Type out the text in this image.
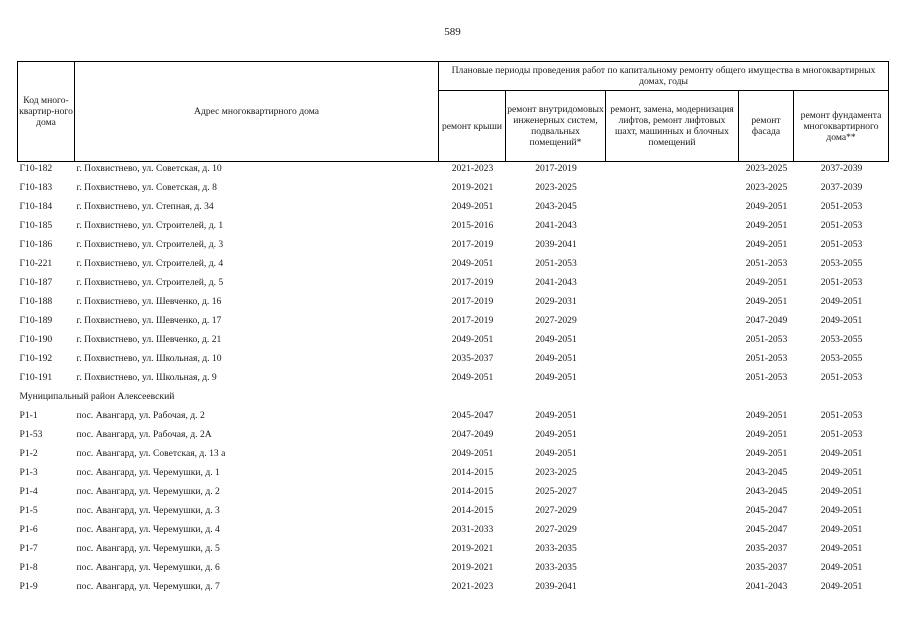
589
Код много-квартир-ного дома	Адрес многоквартирного дома	Плановые периоды проведения работ по капитальному ремонту общего имущества в многоквартирных домах, годы				
		ремонт крыши	ремонт внутридомовых инженерных систем, подвальных помещений*	ремонт, замена, модернизация лифтов, ремонт лифтовых шахт, машинных и блочных помещений	ремонт фасада	ремонт фундамента многоквартирного дома**
Г10-182	г. Похвистнево, ул. Советская, д. 10	2021-2023	2017-2019		2023-2025	2037-2039
Г10-183	г. Похвистнево, ул. Советская, д. 8	2019-2021	2023-2025		2023-2025	2037-2039
Г10-184	г. Похвистнево, ул. Степная, д. 34	2049-2051	2043-2045		2049-2051	2051-2053
Г10-185	г. Похвистнево, ул. Строителей, д. 1	2015-2016	2041-2043		2049-2051	2051-2053
Г10-186	г. Похвистнево, ул. Строителей, д. 3	2017-2019	2039-2041		2049-2051	2051-2053
Г10-221	г. Похвистнево, ул. Строителей, д. 4	2049-2051	2051-2053		2051-2053	2053-2055
Г10-187	г. Похвистнево, ул. Строителей, д. 5	2017-2019	2041-2043		2049-2051	2051-2053
Г10-188	г. Похвистнево, ул. Шевченко, д. 16	2017-2019	2029-2031		2049-2051	2049-2051
Г10-189	г. Похвистнево, ул. Шевченко, д. 17	2017-2019	2027-2029		2047-2049	2049-2051
Г10-190	г. Похвистнево, ул. Шевченко, д. 21	2049-2051	2049-2051		2051-2053	2053-2055
Г10-192	г. Похвистнево, ул. Школьная, д. 10	2035-2037	2049-2051		2051-2053	2053-2055
Г10-191	г. Похвистнево, ул. Школьная, д. 9	2049-2051	2049-2051		2051-2053	2051-2053
Муниципальный район Алексеевский						
Р1-1	пос. Авангард, ул. Рабочая, д. 2	2045-2047	2049-2051		2049-2051	2051-2053
Р1-53	пос. Авангард, ул. Рабочая, д. 2А	2047-2049	2049-2051		2049-2051	2051-2053
Р1-2	пос. Авангард, ул. Советская, д. 13 а	2049-2051	2049-2051		2049-2051	2049-2051
Р1-3	пос. Авангард, ул. Черемушки, д. 1	2014-2015	2023-2025		2043-2045	2049-2051
Р1-4	пос. Авангард, ул. Черемушки, д. 2	2014-2015	2025-2027		2043-2045	2049-2051
Р1-5	пос. Авангард, ул. Черемушки, д. 3	2014-2015	2027-2029		2045-2047	2049-2051
Р1-6	пос. Авангард, ул. Черемушки, д. 4	2031-2033	2027-2029		2045-2047	2049-2051
Р1-7	пос. Авангард, ул. Черемушки, д. 5	2019-2021	2033-2035		2035-2037	2049-2051
Р1-8	пос. Авангард, ул. Черемушки, д. 6	2019-2021	2033-2035		2035-2037	2049-2051
Р1-9	пос. Авангард, ул. Черемушки, д. 7	2021-2023	2039-2041		2041-2043	2049-2051
